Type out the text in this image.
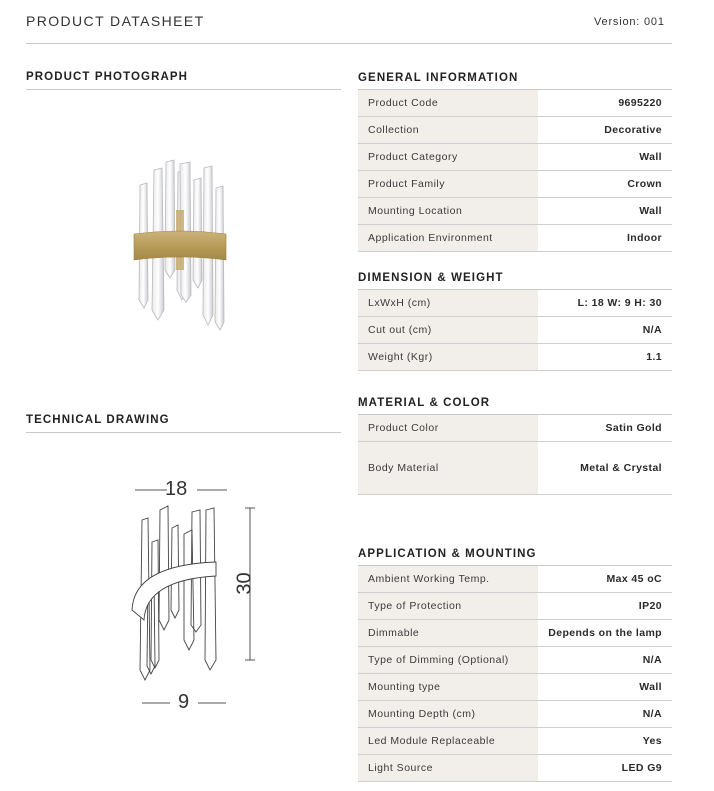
PRODUCT DATASHEET	Version: 001
PRODUCT PHOTOGRAPH
TECHNICAL DRAWING
18
30
9
GENERAL INFORMATION
Product Code	9695220
Collection	Decorative
Product Category	Wall
Product Family	Crown
Mounting Location	Wall
Application Environment	Indoor
DIMENSION & WEIGHT
LxWxH (cm)	L: 18 W: 9 H: 30
Cut out (cm)	N/A
Weight (Kgr)	1.1
MATERIAL & COLOR
Product Color	Satin Gold
Body Material	Metal & Crystal
APPLICATION & MOUNTING
Ambient Working Temp.	Max 45 oC
Type of Protection	IP20
Dimmable	Depends on the lamp
Type of Dimming (Optional)	N/A
Mounting type	Wall
Mounting Depth (cm)	N/A
Led Module Replaceable	Yes
Light Source	LED G9
